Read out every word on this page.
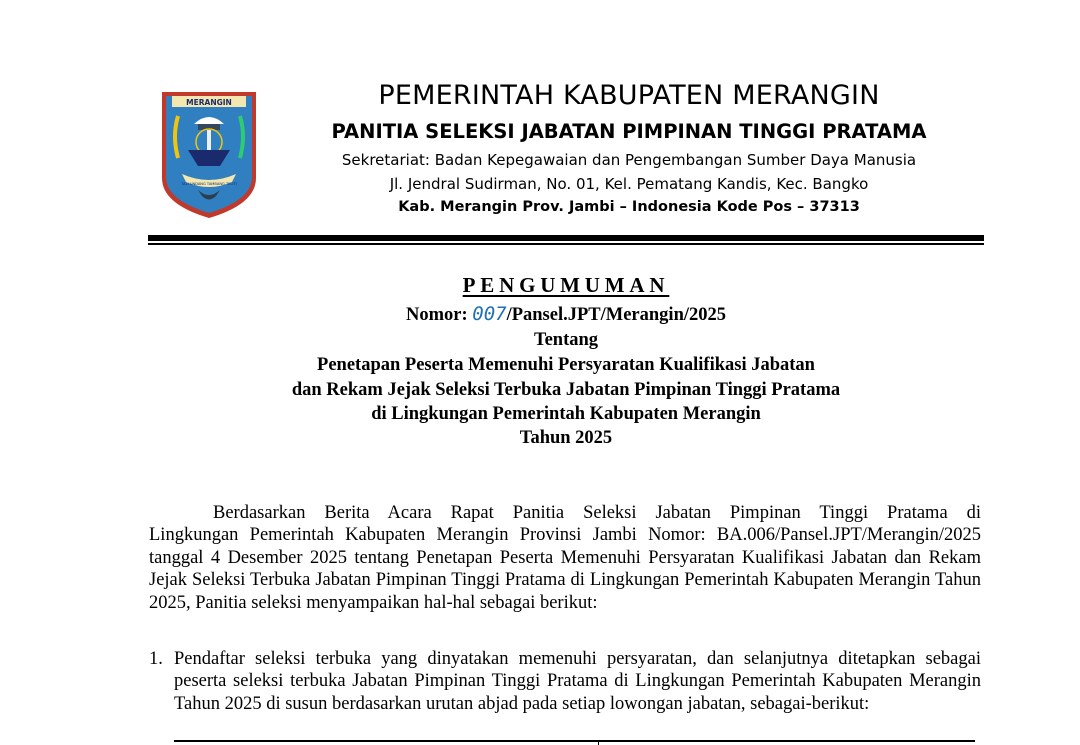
MERANGIN
TALI UNDANG TAMBANG TELITI
PEMERINTAH KABUPATEN MERANGIN
PANITIA SELEKSI JABATAN PIMPINAN TINGGI PRATAMA
Sekretariat: Badan Kepegawaian dan Pengembangan Sumber Daya Manusia
Jl. Jendral Sudirman, No. 01, Kel. Pematang Kandis, Kec. Bangko
Kab. Merangin Prov. Jambi – Indonesia Kode Pos – 37313
PENGUMUMAN
Nomor: 007/Pansel.JPT/Merangin/2025
Tentang
Penetapan Peserta Memenuhi Persyaratan Kualifikasi Jabatan
dan Rekam Jejak Seleksi Terbuka Jabatan Pimpinan Tinggi Pratama
di Lingkungan Pemerintah Kabupaten Merangin
Tahun 2025

Berdasarkan Berita Acara Rapat Panitia Seleksi Jabatan Pimpinan Tinggi Pratama di

Lingkungan Pemerintah Kabupaten Merangin Provinsi Jambi Nomor: BA.006/Pansel.JPT/Merangin/2025 tanggal 4 Desember 2025 tentang Penetapan Peserta Memenuhi Persyaratan Kualifikasi Jabatan dan Rekam Jejak Seleksi Terbuka Jabatan Pimpinan Tinggi Pratama di Lingkungan Pemerintah Kabupaten Merangin Tahun 2025, Panitia seleksi menyampaikan hal-hal sebagai berikut:

1. Pendaftar seleksi terbuka yang dinyatakan memenuhi persyaratan, dan selanjutnya ditetapkan sebagai peserta seleksi terbuka Jabatan Pimpinan Tinggi Pratama di Lingkungan Pemerintah Kabupaten Merangin Tahun 2025 di susun berdasarkan urutan abjad pada setiap lowongan jabatan, sebagai-berikut:
